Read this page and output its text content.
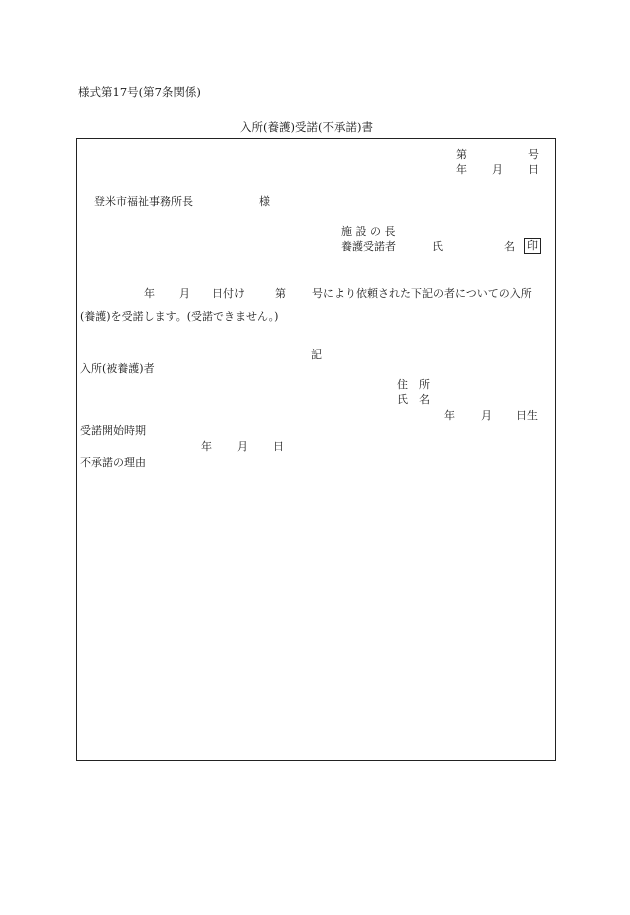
様式第17号(第7条関係)
入所(養護)受諾(不承諾)書
第	号
年 月 日
登米市福祉事務所長	様
施 設 の 長
養護受諾者	氏	名 印
年 月 日付け	第 号により依頼された下記の者についての入所
(養護)を受諾します。(受諾できません。)
記
入所(被養護)者
住　所
氏　名
年 月 日生
受諾開始時期
年 月 日
不承諾の理由
